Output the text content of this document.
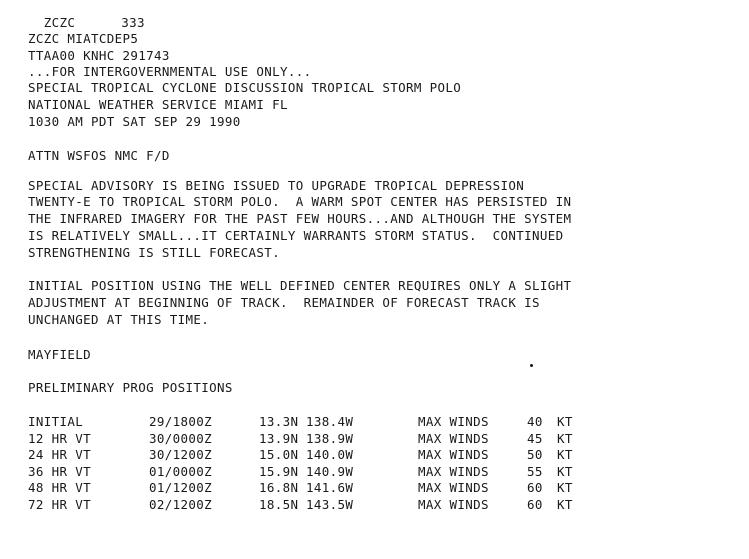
ZCZC	333

ZCZC MIATCDEP5
TTAA00 KNHC 291743
...FOR INTERGOVERNMENTAL USE ONLY...
SPECIAL TROPICAL CYCLONE DISCUSSION TROPICAL STORM POLO
NATIONAL WEATHER SERVICE MIAMI FL
1030 AM PDT SAT SEP 29 1990
ATTN WSFOS NMC F/D
SPECIAL ADVISORY IS BEING ISSUED TO UPGRADE TROPICAL DEPRESSION
TWENTY-E TO TROPICAL STORM POLO.  A WARM SPOT CENTER HAS PERSISTED IN
THE INFRARED IMAGERY FOR THE PAST FEW HOURS...AND ALTHOUGH THE SYSTEM
IS RELATIVELY SMALL...IT CERTAINLY WARRANTS STORM STATUS.  CONTINUED
STRENGTHENING IS STILL FORECAST.
INITIAL POSITION USING THE WELL DEFINED CENTER REQUIRES ONLY A SLIGHT
ADJUSTMENT AT BEGINNING OF TRACK.  REMAINDER OF FORECAST TRACK IS
UNCHANGED AT THIS TIME.
MAYFIELD
PRELIMINARY PROG POSITIONS
INITIAL	29/1800Z	13.3N 138.4W	MAX WINDS	40 KT
12 HR VT	30/0000Z	13.9N 138.9W	MAX WINDS	45 KT
24 HR VT	30/1200Z	15.0N 140.0W	MAX WINDS	50 KT
36 HR VT	01/0000Z	15.9N 140.9W	MAX WINDS	55 KT
48 HR VT	01/1200Z	16.8N 141.6W	MAX WINDS	60 KT
72 HR VT	02/1200Z	18.5N 143.5W	MAX WINDS	60 KT
